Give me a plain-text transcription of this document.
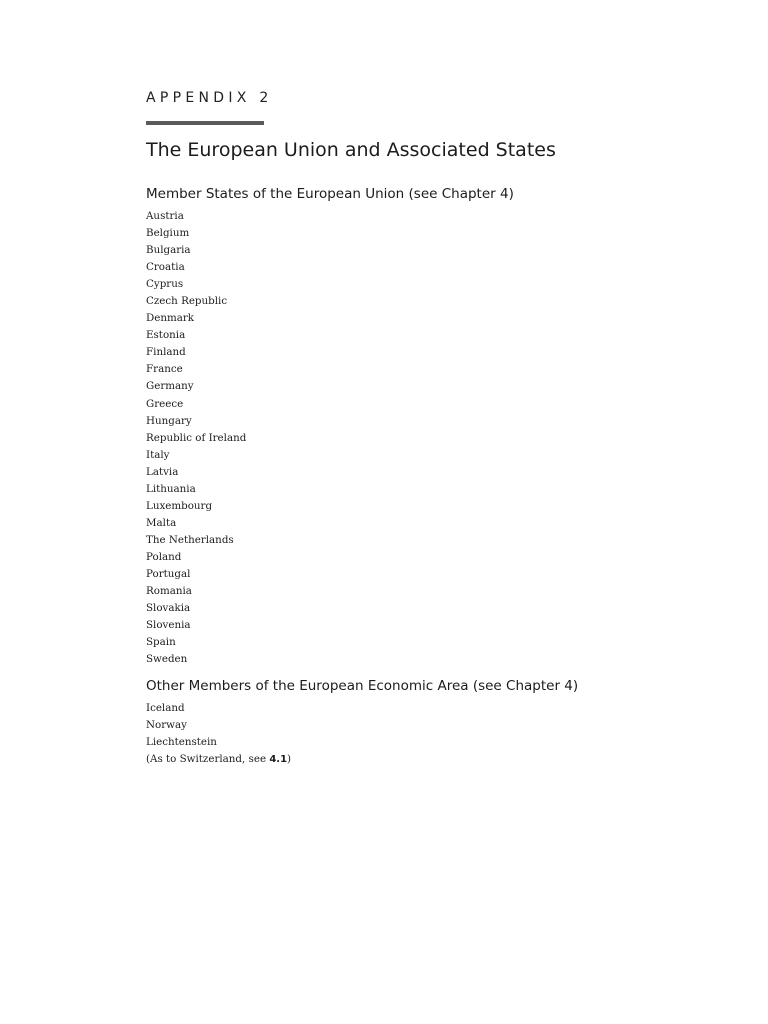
APPENDIX 2
The European Union and Associated States
Member States of the European Union (see Chapter 4)
Austria
Belgium
Bulgaria
Croatia
Cyprus
Czech Republic
Denmark
Estonia
Finland
France
Germany
Greece
Hungary
Republic of Ireland
Italy
Latvia
Lithuania
Luxembourg
Malta
The Netherlands
Poland
Portugal
Romania
Slovakia
Slovenia
Spain
Sweden
Other Members of the European Economic Area (see Chapter 4)
Iceland
Norway
Liechtenstein

(As to Switzerland, see 4.1)
